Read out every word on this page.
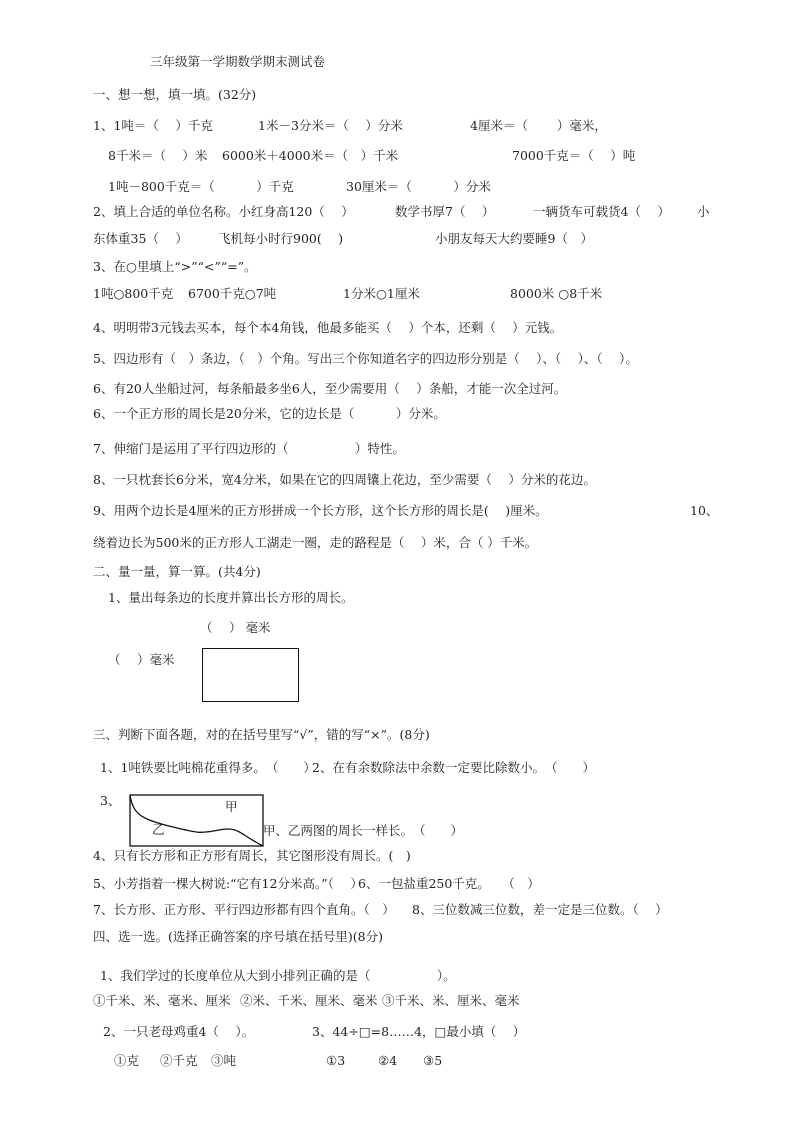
三年级第一学期数学期末测试卷
一、想一想，填一填。(32分)
1、1吨＝（　 ）千克	1米－3分米＝（　 ）分米	4厘米＝（　　 ）毫米，
8千米＝（　 ）米 6000米＋4000米＝（　）千米	7000千克＝（　 ）吨
1吨－800千克＝（　　　 ）千克	30厘米＝（　　　 ）分米
2、填上合适的单位名称。小红身高120（　 ）	数学书厚7（　 ）	一辆货车可载货4（　 ） 小
东体重35（　 ） 飞机每小时行900(　 )	小朋友每天大约要睡9（　）
3、在○里填上“>”“<”“=”。
1吨○800千克 6700千克○7吨	1分米○1厘米	8000米 ○8千米
4、明明带3元钱去买本，每个本4角钱，他最多能买（　 ）个本，还剩（　 ）元钱。
5、四边形有（　）条边，（　）个角。写出三个你知道名字的四边形分别是（　 ）、（　 ）、（　 ）。
6、有20人坐船过河，每条船最多坐6人，至少需要用（　 ）条船，才能一次全过河。
6、一个正方形的周长是20分米，它的边长是（　　　 ）分米。
7、伸缩门是运用了平行四边形的（　　　　　 ）特性。
8、一只枕套长6分米，宽4分米，如果在它的四周镶上花边，至少需要（　 ）分米的花边。
9、用两个边长是4厘米的正方形拼成一个长方形，这个长方形的周长是(　 )厘米。	10、
绕着边长为500米的正方形人工湖走一圈，走的路程是（　 ）米，合（ ）千米。
二、量一量，算一算。(共4分)
1、量出每条边的长度并算出长方形的周长。
（　 ） 毫米
（　 ）毫米
三、判断下面各题，对的在括号里写“√”，错的写“×”。(8分)
1、1吨铁要比吨棉花重得多。　（　　）
2、在有余数除法中余数一定要比除数小。　（　　）
3、	甲
乙	甲、乙两图的周长一样长。　（　　）
4、只有长方形和正方形有周长，其它图形没有周长。(　)
5、小芳指着一棵大树说:“它有12分米高。”（　 ）
6、一包盐重250千克。　　（　）
7、长方形、正方形、平行四边形都有四个直角。（　） 8、三位数减三位数，差一定是三位数。（　 ）
四、选一选。(选择正确答案的序号填在括号里)(8分)
1、我们学过的长度单位从大到小排列正确的是（　　　　　 ）。
①千米、米、毫米、厘米 ②米、千米、厘米、毫米 ③千米、米、厘米、毫米
2、一只老母鸡重4（　 ）。	3、44÷□=8……4，□最小填（　 ）
①克 ②千克 ③吨	①3	②4 ③5
